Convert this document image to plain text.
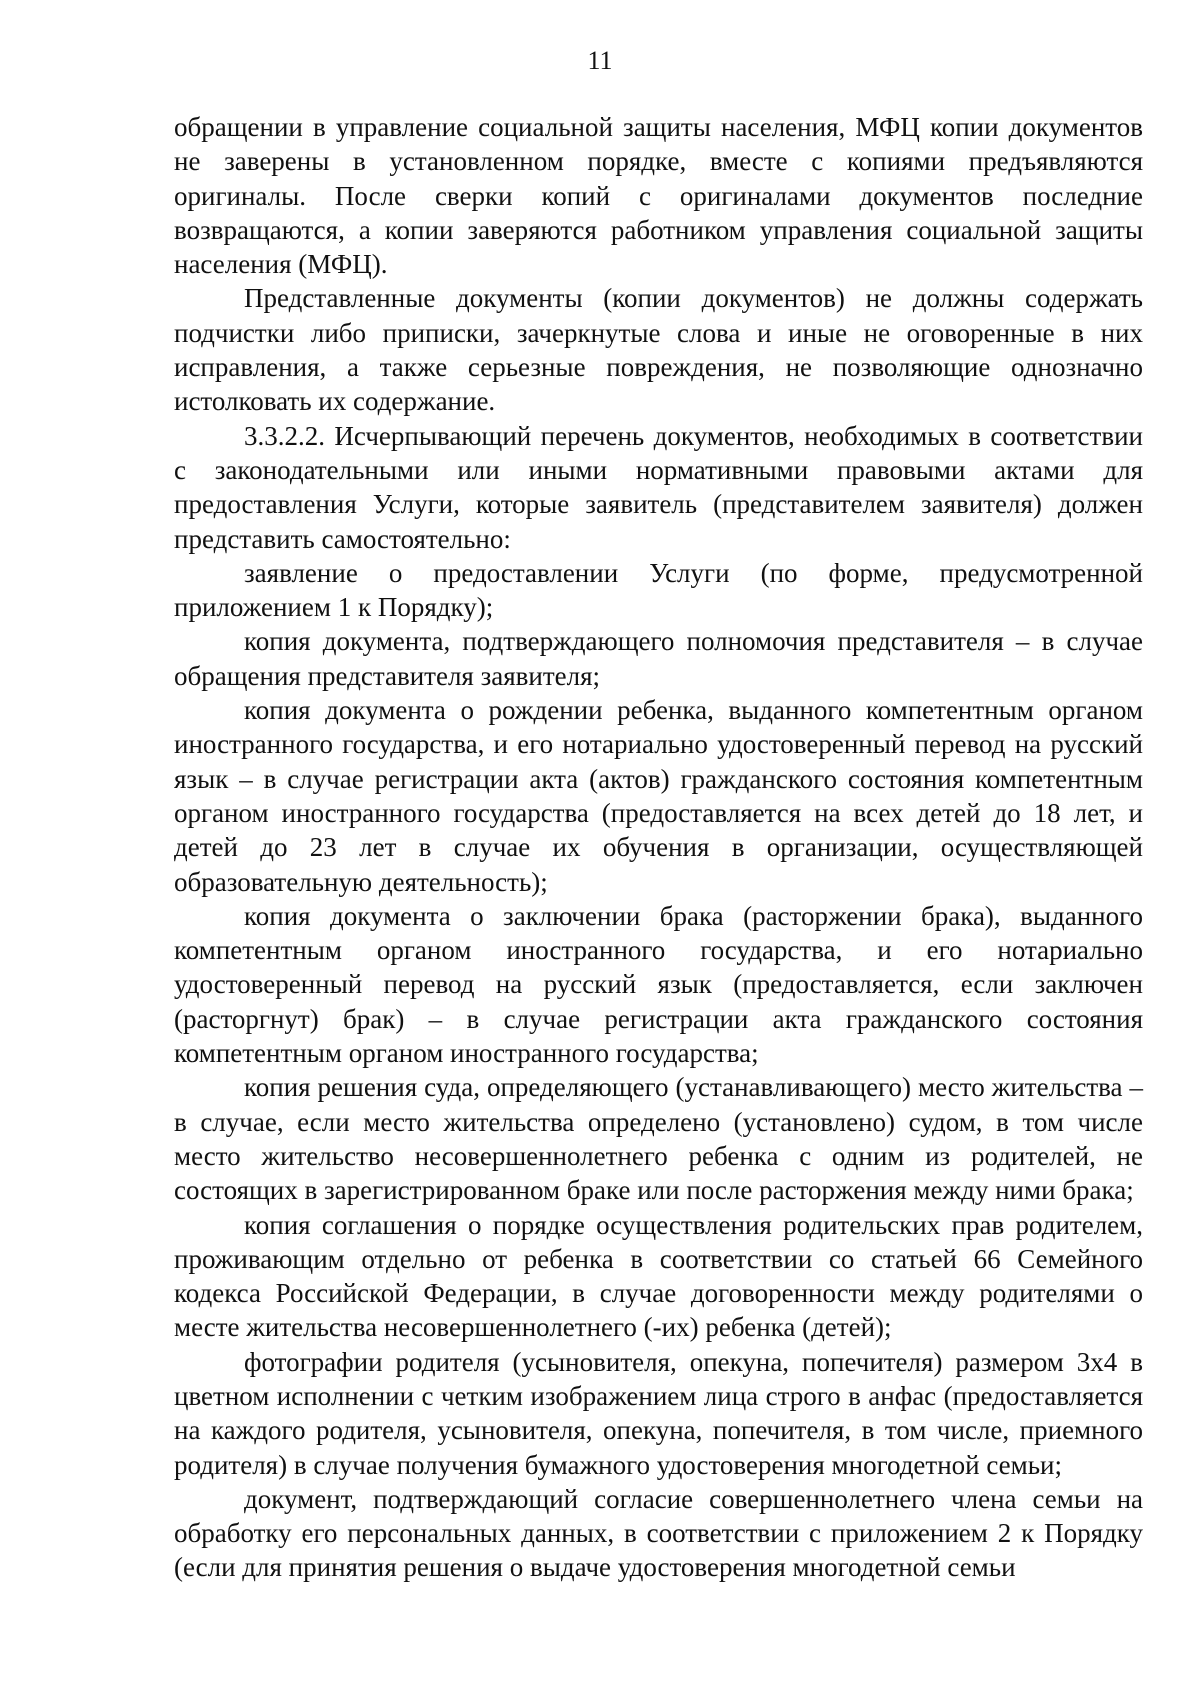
11

обращении в управление социальной защиты населения, МФЦ копии документов не заверены в установленном порядке, вместе с копиями предъявляются оригиналы. После сверки копий с оригиналами документов последние возвращаются, а копии заверяются работником управления социальной защиты населения (МФЦ).

Представленные документы (копии документов) не должны содержать подчистки либо приписки, зачеркнутые слова и иные не оговоренные в них исправления, а также серьезные повреждения, не позволяющие однозначно истолковать их содержание.

3.3.2.2. Исчерпывающий перечень документов, необходимых в соответствии с законодательными или иными нормативными правовыми актами для предоставления Услуги, которые заявитель (представителем заявителя) должен представить самостоятельно:

заявление о предоставлении Услуги (по форме, предусмотренной приложением 1 к Порядку);

копия документа, подтверждающего полномочия представителя – в случае обращения представителя заявителя;

копия документа о рождении ребенка, выданного компетентным органом иностранного государства, и его нотариально удостоверенный перевод на русский язык – в случае регистрации акта (актов) гражданского состояния компетентным органом иностранного государства (предоставляется на всех детей до 18 лет, и детей до 23 лет в случае их обучения в организации, осуществляющей образовательную деятельность);

копия документа о заключении брака (расторжении брака), выданного компетентным органом иностранного государства, и его нотариально удостоверенный перевод на русский язык (предоставляется, если заключен (расторгнут) брак) – в случае регистрации акта гражданского состояния компетентным органом иностранного государства;

копия решения суда, определяющего (устанавливающего) место жительства – в случае, если место жительства определено (установлено) судом, в том числе место жительство несовершеннолетнего ребенка с одним из родителей, не состоящих в зарегистрированном браке или после расторжения между ними брака;

копия соглашения о порядке осуществления родительских прав родителем, проживающим отдельно от ребенка в соответствии со статьей 66 Семейного кодекса Российской Федерации, в случае договоренности между родителями о месте жительства несовершеннолетнего (-их) ребенка (детей);

фотографии родителя (усыновителя, опекуна, попечителя) размером 3х4 в цветном исполнении с четким изображением лица строго в анфас (предоставляется на каждого родителя, усыновителя, опекуна, попечителя, в том числе, приемного родителя) в случае получения бумажного удостоверения многодетной семьи;

документ, подтверждающий согласие совершеннолетнего члена семьи на обработку его персональных данных, в соответствии с приложением 2 к Порядку (если для принятия решения о выдаче удостоверения многодетной семьи
